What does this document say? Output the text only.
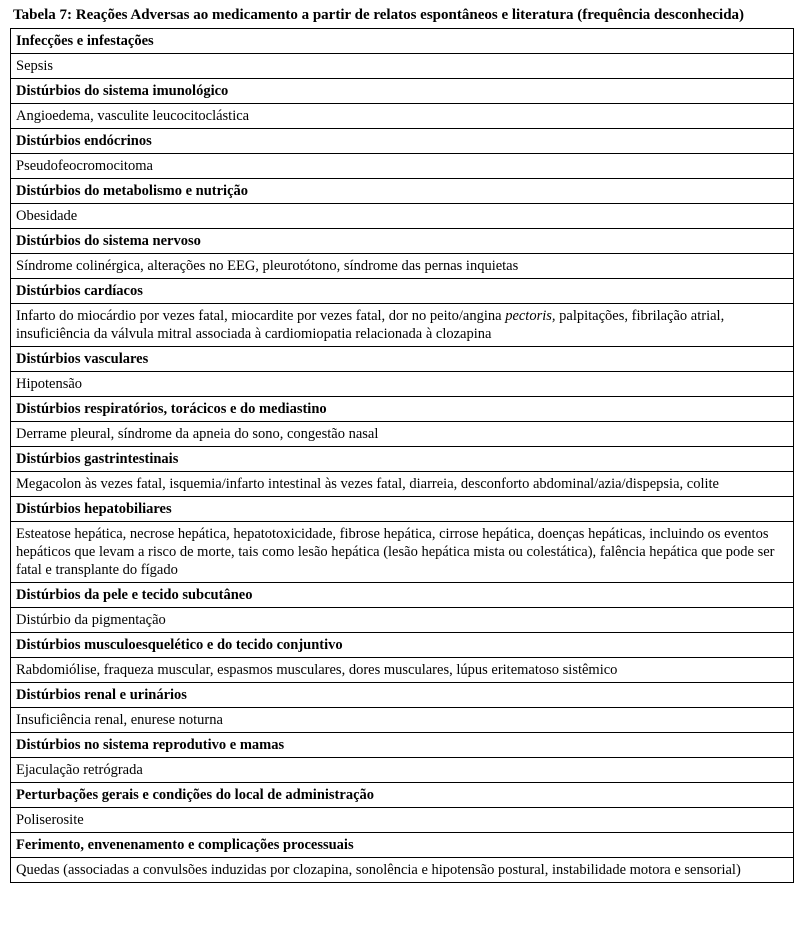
Tabela 7: Reações Adversas ao medicamento a partir de relatos espontâneos e literatura (frequência desconhecida)
Infecções e infestações
Sepsis
Distúrbios do sistema imunológico
Angioedema, vasculite leucocitoclástica
Distúrbios endócrinos
Pseudofeocromocitoma
Distúrbios do metabolismo e nutrição
Obesidade
Distúrbios do sistema nervoso
Síndrome colinérgica, alterações no EEG, pleurotótono, síndrome das pernas inquietas
Distúrbios cardíacos
Infarto do miocárdio por vezes fatal, miocardite por vezes fatal, dor no peito/angina pectoris, palpitações, fibrilação atrial, insuficiência da válvula mitral associada à cardiomiopatia relacionada à clozapina
Distúrbios vasculares
Hipotensão
Distúrbios respiratórios, torácicos e do mediastino
Derrame pleural, síndrome da apneia do sono, congestão nasal
Distúrbios gastrintestinais
Megacolon às vezes fatal, isquemia/infarto intestinal às vezes fatal, diarreia, desconforto abdominal/azia/dispepsia, colite
Distúrbios hepatobiliares
Esteatose hepática, necrose hepática, hepatotoxicidade, fibrose hepática, cirrose hepática, doenças hepáticas, incluindo os eventos hepáticos que levam a risco de morte, tais como lesão hepática (lesão hepática mista ou colestática), falência hepática que pode ser fatal e transplante do fígado
Distúrbios da pele e tecido subcutâneo
Distúrbio da pigmentação
Distúrbios musculoesquelético e do tecido conjuntivo
Rabdomiólise, fraqueza muscular, espasmos musculares, dores musculares, lúpus eritematoso sistêmico
Distúrbios renal e urinários
Insuficiência renal, enurese noturna
Distúrbios no sistema reprodutivo e mamas
Ejaculação retrógrada
Perturbações gerais e condições do local de administração
Poliserosite
Ferimento, envenenamento e complicações processuais
Quedas (associadas a convulsões induzidas por clozapina, sonolência e hipotensão postural, instabilidade motora e sensorial)
